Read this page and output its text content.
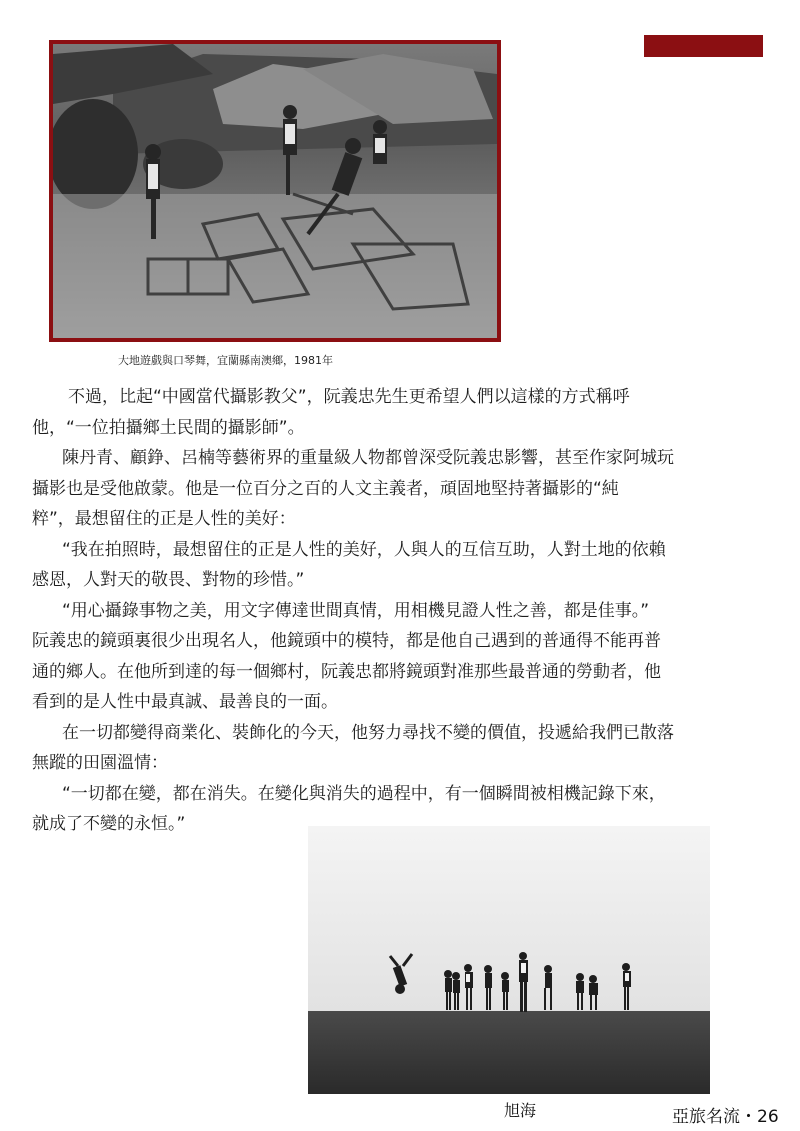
大地遊戲與口琴舞，宜蘭縣南澳鄉，1981年

不過，比起“中國當代攝影教父”，阮義忠先生更希望人們以這樣的方式稱呼

他，“一位拍攝鄉土民間的攝影師”。

陳丹青、顧錚、呂楠等藝術界的重量級人物都曾深受阮義忠影響，甚至作家阿城玩

攝影也是受他啟蒙。他是一位百分之百的人文主義者，頑固地堅持著攝影的“純

粹”，最想留住的正是人性的美好：

“我在拍照時，最想留住的正是人性的美好，人與人的互信互助，人對土地的依賴

感恩，人對天的敬畏、對物的珍惜。”

“用心攝錄事物之美，用文字傳達世間真情，用相機見證人性之善，都是佳事。”

阮義忠的鏡頭裏很少出現名人，他鏡頭中的模特，都是他自己遇到的普通得不能再普

通的鄉人。在他所到達的每一個鄉村，阮義忠都將鏡頭對准那些最普通的勞動者，他

看到的是人性中最真誠、最善良的一面。

在一切都變得商業化、裝飾化的今天，他努力尋找不變的價值，投遞給我們已散落

無蹤的田園溫情：

“一切都在變，都在消失。在變化與消失的過程中，有一個瞬間被相機記錄下來，

就成了不變的永恒。”

旭海	亞旅名流・26
